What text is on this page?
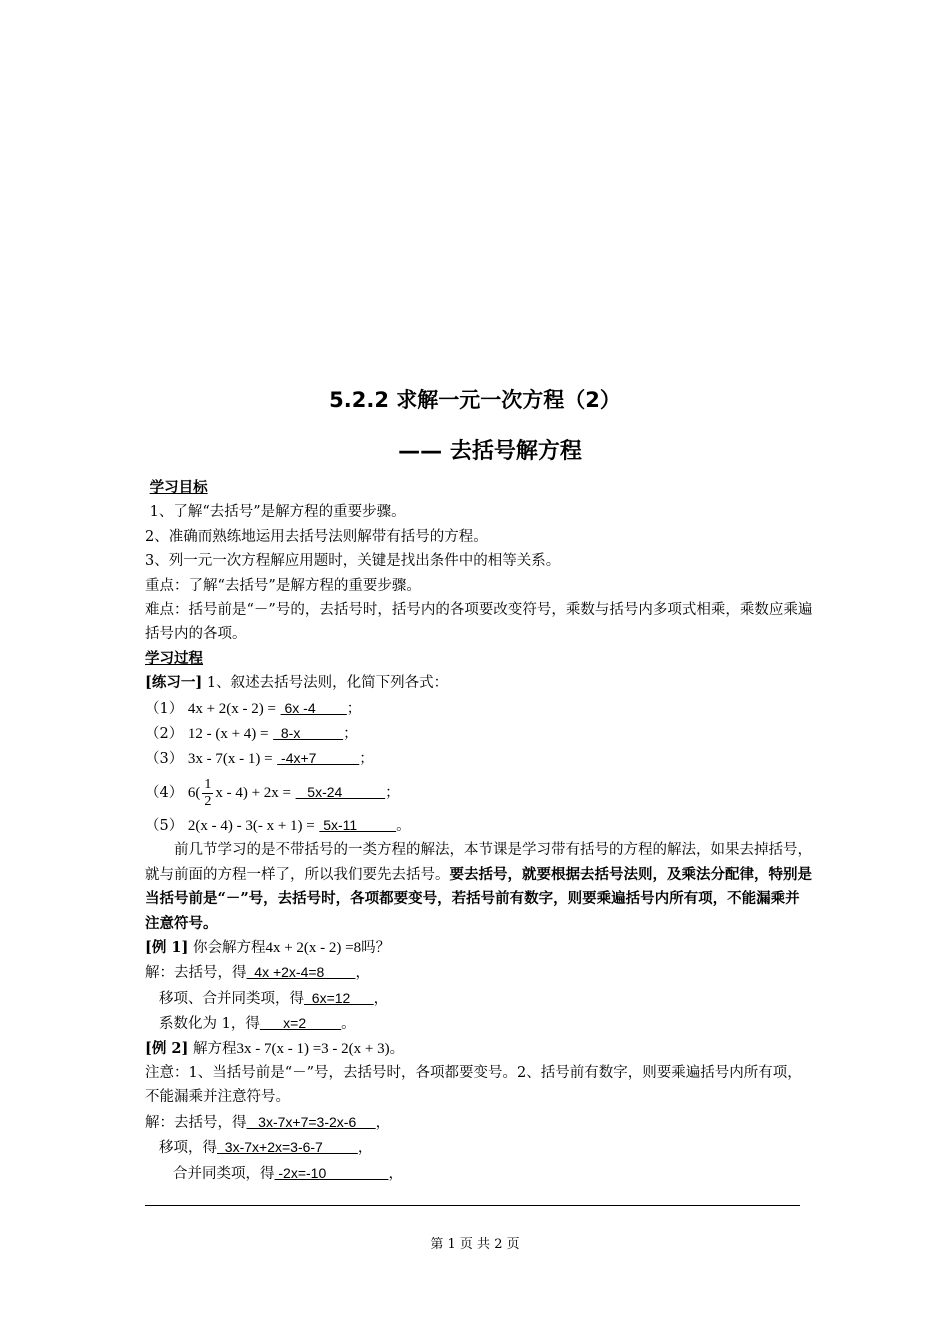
5.2.2 求解一元一次方程（2）
—— 去括号解方程
学习目标
1、了解“去括号”是解方程的重要步骤。
2、准确而熟练地运用去括号法则解带有括号的方程。
3、列一元一次方程解应用题时，关键是找出条件中的相等关系。
重点：了解“去括号”是解方程的重要步骤。
难点：括号前是“－”号的，去括号时，括号内的各项要改变符号，乘数与括号内多项式相乘，乘数应乘遍括号内的各项。
学习过程
[练习一] 1、叙述去括号法则，化简下列各式：
（1） 4x + 2(x - 2) =  6x -4        ；
（2） 12 - (x + 4) =   8-x           ；
（3） 3x - 7(x - 1) =  -4x+7           ；
（4） $6( \frac{1}{2}$ x - 4) + 2x =    5x-24           ；
（5） 2(x - 4) - 3(- x + 1) =  5x-11          。
前几节学习的是不带括号的一类方程的解法，本节课是学习带有括号的方程的解法，如果去掉括号，就与前面的方程一样了，所以我们要先去括号。要去括号，就要根据去括号法则，及乘法分配律，特别是当括号前是“－”号，去括号时，各项都要变号，若括号前有数字，则要乘遍括号内所有项，不能漏乘并注意符号。
[例 1] 你会解方程4x + 2(x - 2) =8吗？
解：去括号，得  4x +2x-4=8        ，
移项、合并同类项，得  6x=12      ，
系数化为 1，得      x=2         。
[例 2] 解方程3x - 7(x - 1) =3 - 2(x + 3)。
注意：1、当括号前是“－”号，去括号时，各项都要变号。2、括号前有数字，则要乘遍括号内所有项，不能漏乘并注意符号。
解：去括号，得   3x-7x+7=3-2x-6     ，
移项，得  3x-7x+2x=3-6-7         ，
合并同类项，得 -2x=-10                ，
第 1 页 共 2 页
